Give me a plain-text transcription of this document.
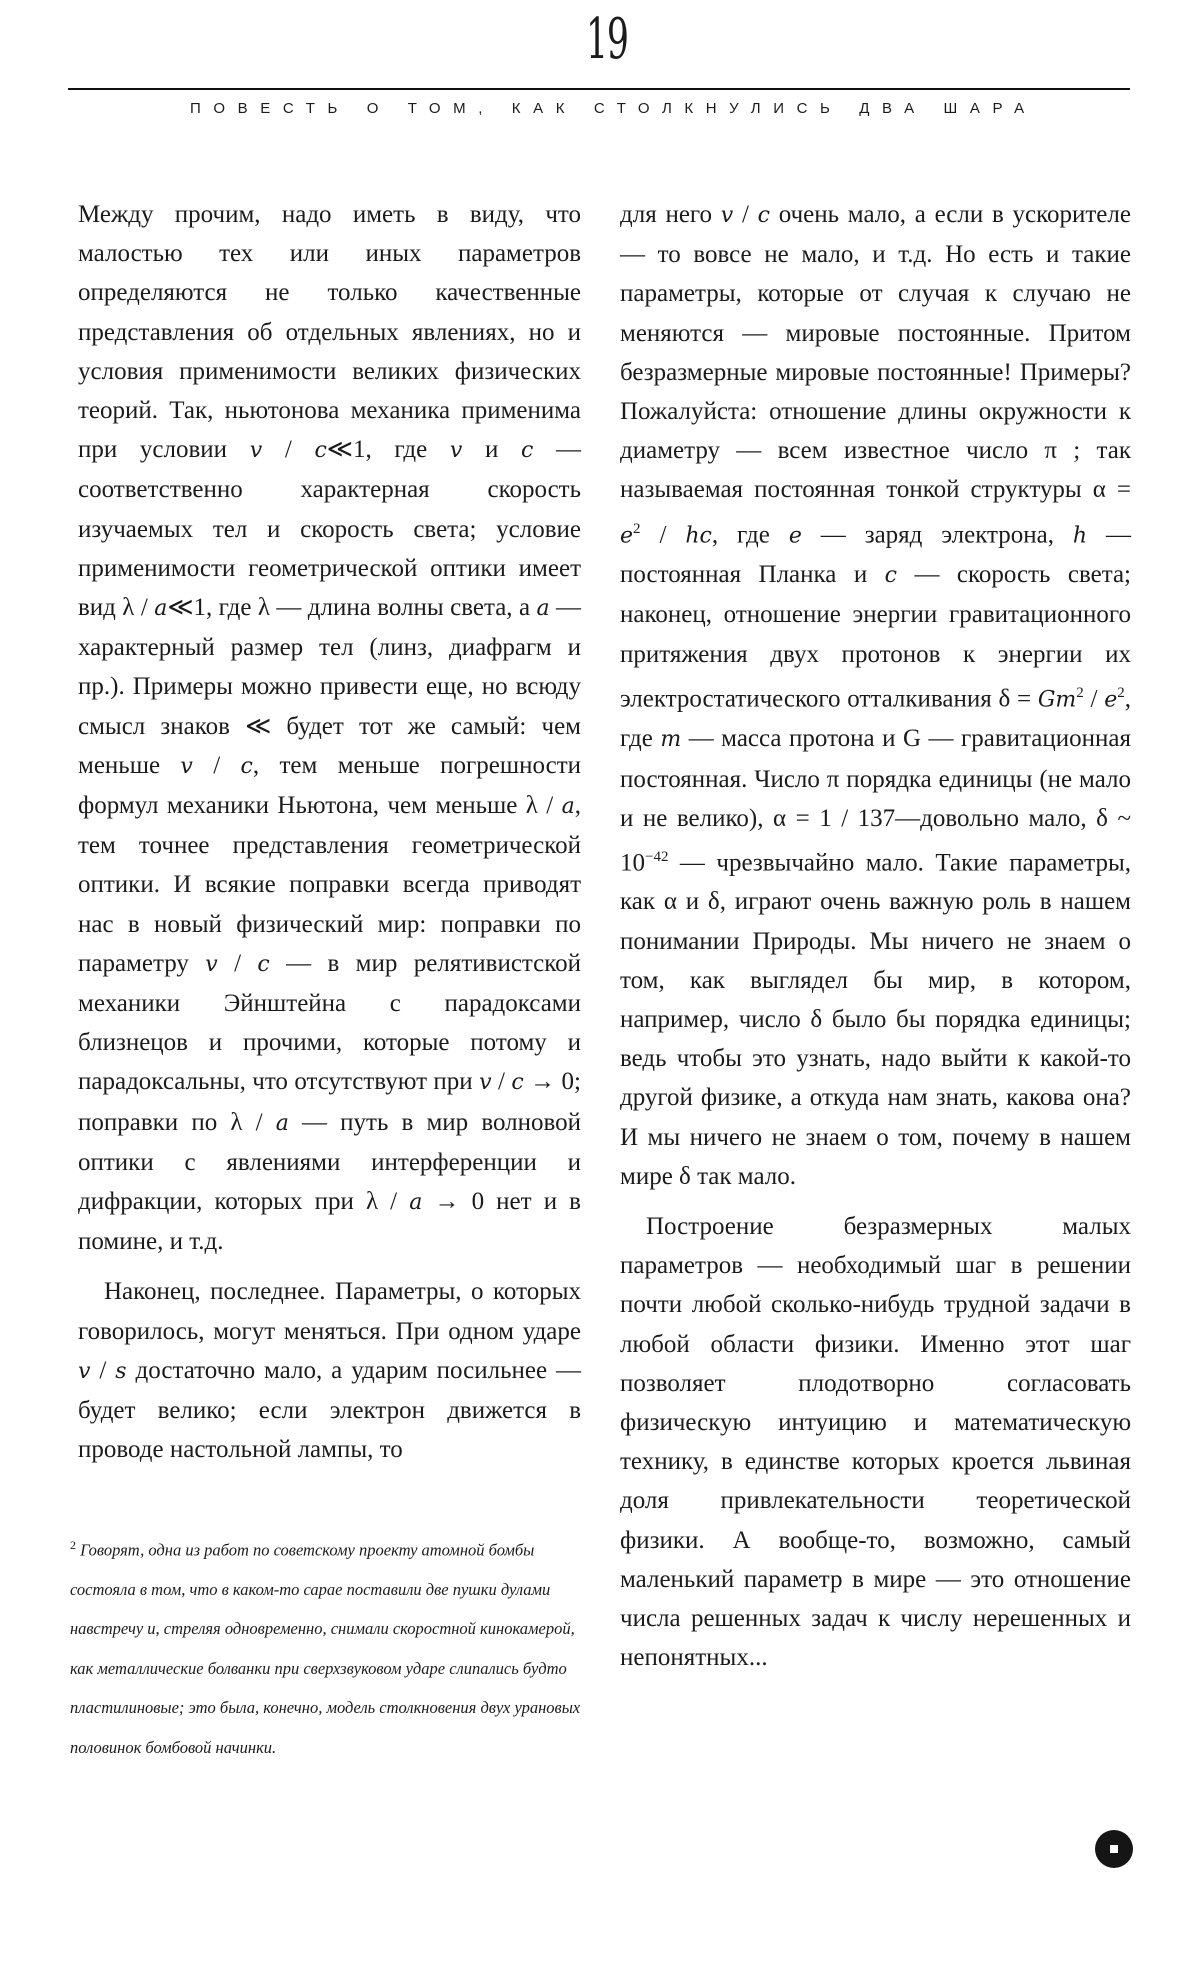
19
ПОВЕСТЬ О ТОМ, КАК СТОЛКНУЛИСЬ ДВА ШАРА

Между прочим, надо иметь в виду, что малостью тех или иных параметров определяются не только качественные представления об отдельных явлениях, но и условия применимости великих физических теорий. Так, ньютонова механика применима при условии v / c≪1, где v и c — соответственно характерная скорость изучаемых тел и скорость света; условие применимости геометрической оптики имеет вид λ / a≪1, где λ — длина волны света, а a — характерный размер тел (линз, диафрагм и пр.). Примеры можно привести еще, но всюду смысл знаков ≪ будет тот же самый: чем меньше v / c, тем меньше погрешности формул механики Ньютона, чем меньше λ / a, тем точнее представления геометрической оптики. И всякие поправки всегда приводят нас в новый физический мир: поправки по параметру v / c — в мир релятивистской механики Эйнштейна с парадоксами близнецов и прочими, которые потому и парадоксальны, что отсутствуют при v / c → 0; поправки по λ / a — путь в мир волновой оптики с явлениями интерференции и дифракции, которых при λ / a → 0 нет и в помине, и т.д.

Наконец, последнее. Параметры, о которых говорилось, могут меняться. При одном ударе v / s достаточно мало, а ударим посильнее — будет велико; если электрон движется в проводе настольной лампы, то

для него v / c очень мало, а если в ускорителе — то вовсе не мало, и т.д. Но есть и такие параметры, которые от случая к случаю не меняются — мировые постоянные. Притом безразмерные мировые постоянные! Примеры? Пожалуйста: отношение длины окружности к диаметру — всем известное число π ; так называемая постоянная тонкой структуры $\alpha = e^2$ / hc, где e — заряд электрона, h — постоянная Планка и c — скорость света; наконец, отношение энергии гравитационного притяжения двух протонов к энергии их электростатического отталкивания $\delta = Gm^2 / e^2$, где m — масса протона и G — гравитационная постоянная. Число π порядка единицы (не мало и не велико), α = 1 / 137—довольно мало, δ ~ $10^{-42}$ — чрезвычайно мало. Такие параметры, как α и δ, играют очень важную роль в нашем понимании Природы. Мы ничего не знаем о том, как выглядел бы мир, в котором, например, число δ было бы порядка единицы; ведь чтобы это узнать, надо выйти к какой-то другой физике, а откуда нам знать, какова она? И мы ничего не знаем о том, почему в нашем мире δ так мало.

Построение безразмерных малых параметров — необходимый шаг в решении почти любой сколько-нибудь трудной задачи в любой области физики. Именно этот шаг позволяет плодотворно согласовать физическую интуицию и математическую технику, в единстве которых кроется львиная доля привлекательности теоретической физики. А вообще-то, возможно, самый маленький параметр в мире — это отношение числа решенных задач к числу нерешенных и непонятных...

$^2$ Говорят, одна из работ по советскому проекту атомной бомбы состояла в том, что в каком-то сарае поставили две пушки дулами навстречу и, стреляя одновременно, снимали скоростной кинокамерой, как металлические болванки при сверхзвуковом ударе слипались будто пластилиновые; это была, конечно, модель столкновения двух урановых половинок бомбовой начинки.
